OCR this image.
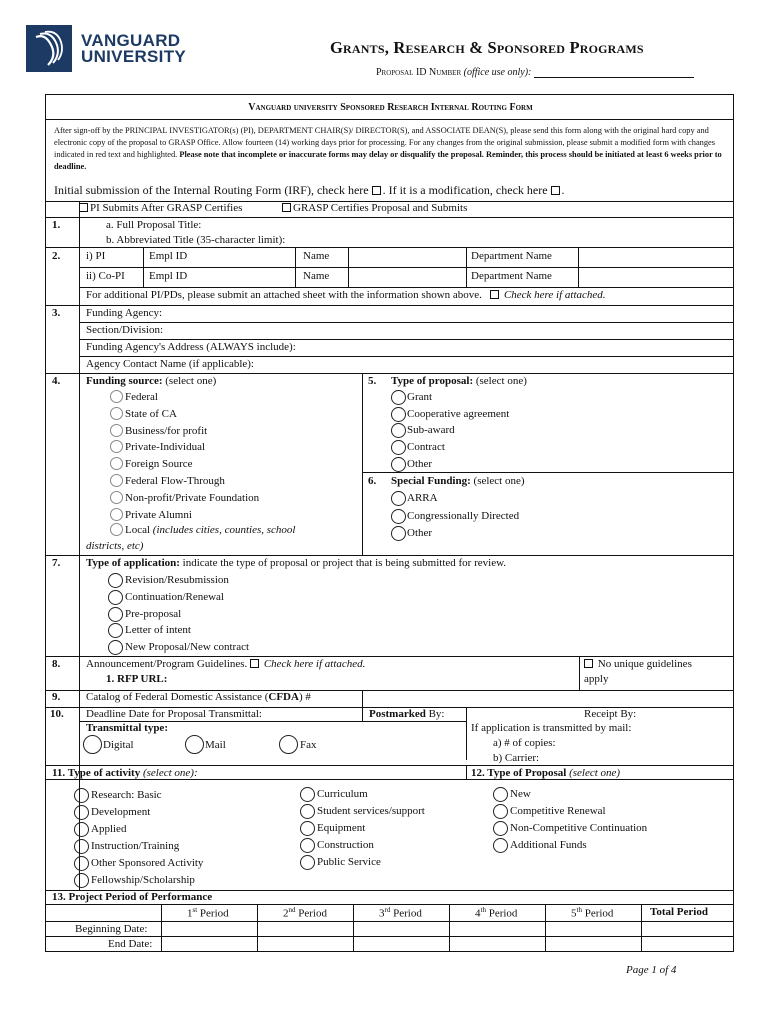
VANGUARD
UNIVERSITY	Grants, Research & Sponsored Programs
Proposal ID Number (office use only):
Vanguard university Sponsored Research Internal Routing Form
After sign-off by the PRINCIPAL INVESTIGATOR(s) (PI), DEPARTMENT CHAIR(S)/ DIRECTOR(S), and ASSOCIATE DEAN(S), please send this form along with the original hard copy and electronic copy of the proposal to GRASP Office. Allow fourteen (14) working days prior for processing. For any changes from the original submission, please submit a modified form with changes indicated in red text and highlighted. Please note that incomplete or inaccurate forms may delay or disqualify the proposal. Reminder, this process should be initiated at least 6 weeks prior to deadline.
Initial submission of the Internal Routing Form (IRF), check here . If it is a modification, check here .
PI Submits After GRASP Certifies	GRASP Certifies Proposal and Submits
1.	a. Full Proposal Title:
b. Abbreviated Title (35-character limit):
2. i) PI	Empl ID	Name	Department Name
ii) Co-PI Empl ID	Name	Department Name
For additional PI/PDs, please submit an attached sheet with the information shown above. Check here if attached.
3. Funding Agency:
Section/Division:
Funding Agency's Address (ALWAYS include):
Agency Contact Name (if applicable):
4. Funding source: (select one)
Local (includes cities, counties, school
districts, etc)
5. Type of proposal: (select one)
6. Special Funding: (select one)
7. Type of application: indicate the type of proposal or project that is being submitted for review.
8. Announcement/Program Guidelines. Check here if attached.
1. RFP URL:
No unique guidelines
apply
9. Catalog of Federal Domestic Assistance (CFDA) #
10. Deadline Date for Proposal Transmittal:	Postmarked By:	Receipt By:
Transmittal type:
Digital	Mail	Fax
If application is transmitted by mail:
a) # of copies:
b) Carrier:
11. Type of activity (select one):	12. Type of Proposal (select one)
13. Project Period of Performance
Beginning Date:
End Date:
Federal
State of CA
Business/for profit
Private-Individual
Foreign Source
Federal Flow-Through
Non-profit/Private Foundation
Private Alumni
Grant
Cooperative agreement
Sub-award
Contract
Other
ARRA
Congressionally Directed
Other
Revision/Resubmission
Continuation/Renewal
Pre-proposal
Letter of intent
New Proposal/New contract
Research: Basic
Development
Applied
Instruction/Training
Other Sponsored Activity
Fellowship/Scholarship
Curriculum
Student services/support
Equipment
Construction
Public Service
New
Competitive Renewal
Non-Competitive Continuation
Additional Funds
1st Period	2nd Period	3rd Period	4th Period	5th Period	Total Period
Page 1 of 4
